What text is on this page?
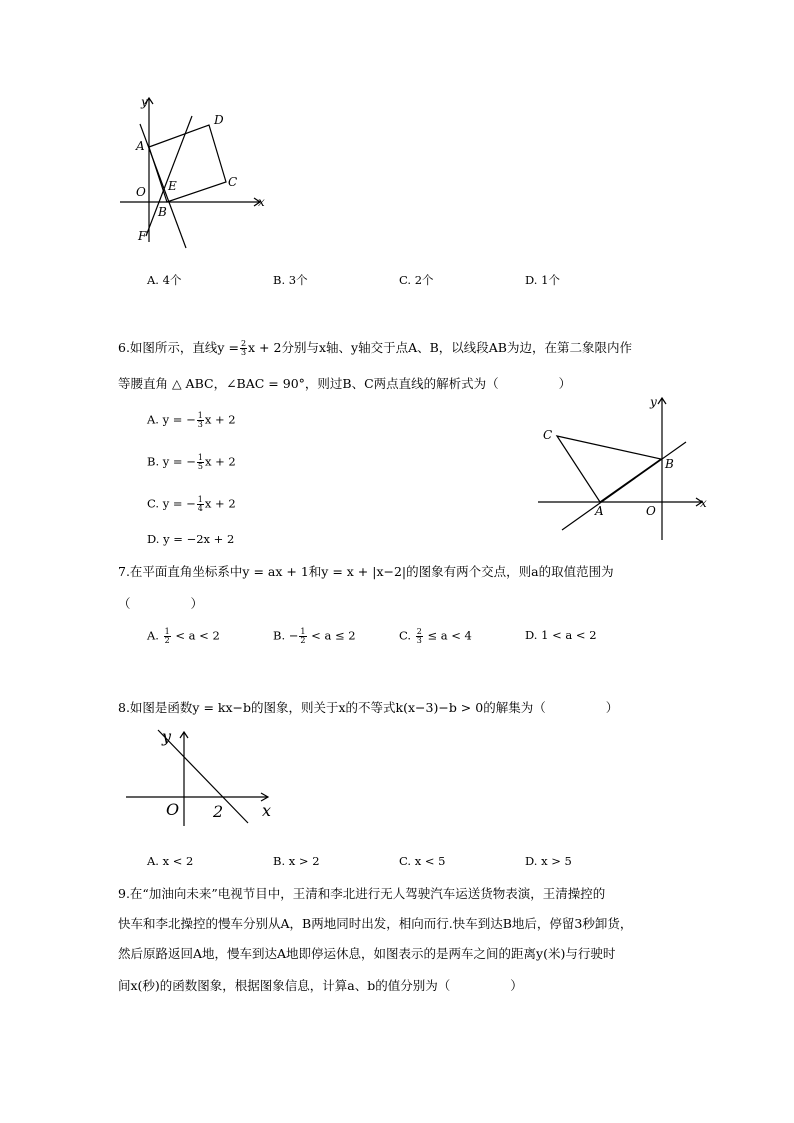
y
x
A
D
O E	C
B
F
A. 4个	B. 3个	C. 2个	D. 1个
6.如图所示，直线$y = \frac{2}{3}$ x + 2分别与x轴、y轴交于点A、B，以线段AB为边，在第二象限内作
等腰直角 △ ABC，∠BAC = 90°，则过B、C两点直线的解析式为（	）
A. y = − $\frac{1}{3}$ x + 2
B. y = − $\frac{1}{5}$ x + 2
C. y = − $\frac{1}{4}$ x + 2
D. y = −2x + 2
y
x
C
B
A	O
7.在平面直角坐标系中y = ax + 1和y = x + |x−2|的图象有两个交点，则a的取值范围为
（	）
A. $\frac{1}{2} < a < 2$	B. − $\frac{1}{2} < a \le 2$	C. $\frac{2}{3} \le a < 4$	D. 1 < a < 2
8.如图是函数y = kx−b的图象，则关于x的不等式k(x−3)−b > 0的解集为（	）
y
O 2 x
A. x < 2	B. x > 2	C. x < 5	D. x > 5
9.在“加油向未来”电视节目中，王清和李北进行无人驾驶汽车运送货物表演，王清操控的
快车和李北操控的慢车分别从A，B两地同时出发，相向而行.快车到达B地后，停留3秒卸货，
然后原路返回A地，慢车到达A地即停运休息，如图表示的是两车之间的距离y(米)与行驶时
间x(秒)的函数图象，根据图象信息，计算a、b的值分别为（	）
